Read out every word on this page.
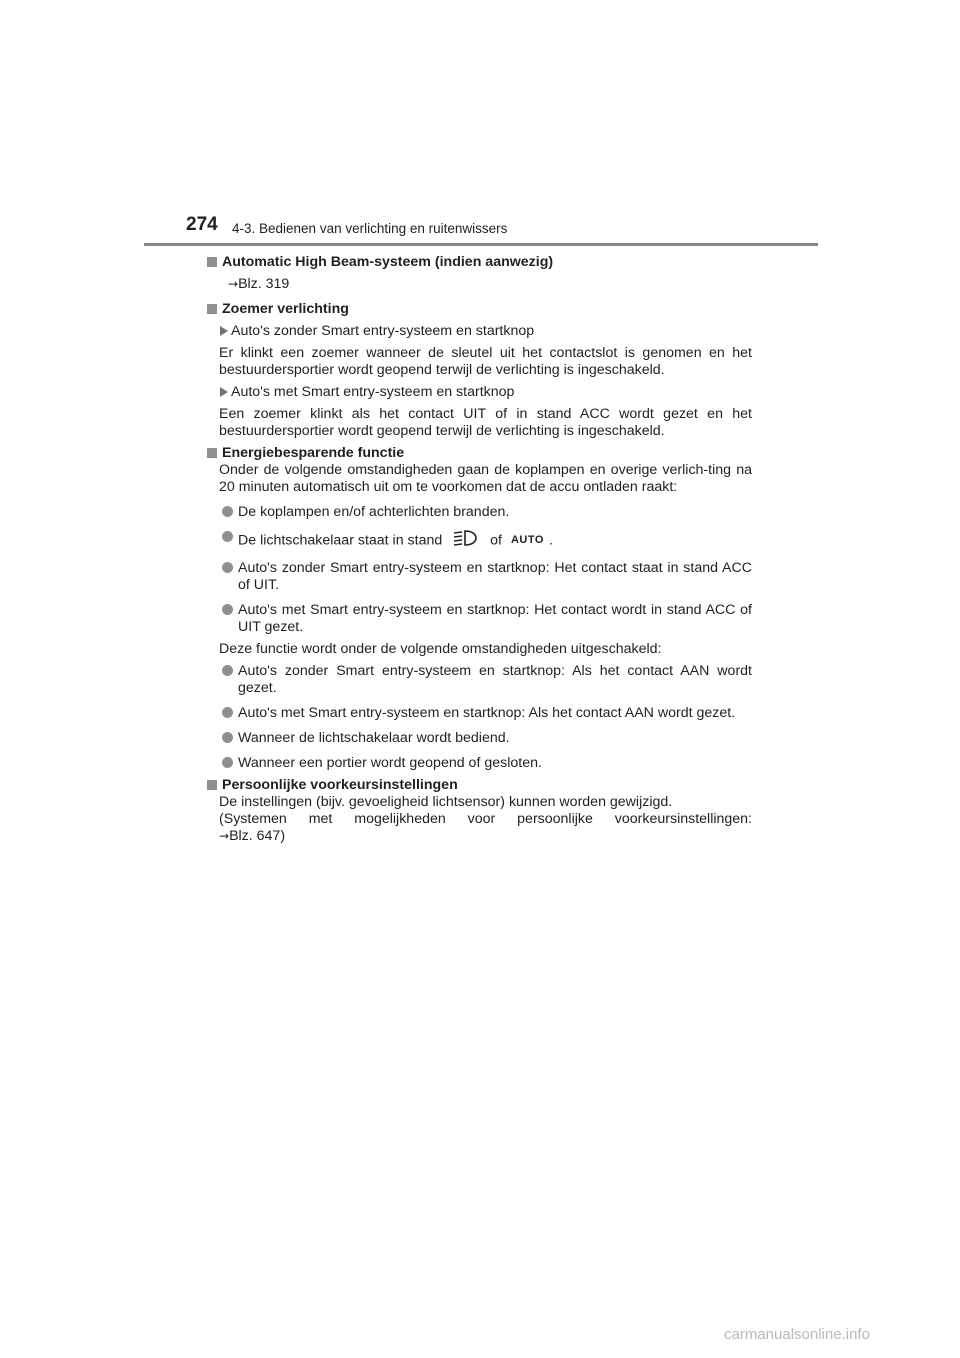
274 4-3. Bedienen van verlichting en ruitenwissers
Automatic High Beam-systeem (indien aanwezig)
→Blz. 319
Zoemer verlichting
Auto's zonder Smart entry-systeem en startknop
Er klinkt een zoemer wanneer de sleutel uit het contactslot is genomen en het bestuurdersportier wordt geopend terwijl de verlichting is ingeschakeld.
Auto's met Smart entry-systeem en startknop
Een zoemer klinkt als het contact UIT of in stand ACC wordt gezet en het bestuurdersportier wordt geopend terwijl de verlichting is ingeschakeld.
Energiebesparende functie
Onder de volgende omstandigheden gaan de koplampen en overige verlich-ting na 20 minuten automatisch uit om te voorkomen dat de accu ontladen raakt:
De koplampen en/of achterlichten branden.
De lichtschakelaar staat in stand	of AUTO .
Auto's zonder Smart entry-systeem en startknop: Het contact staat in stand ACC of UIT.
Auto's met Smart entry-systeem en startknop: Het contact wordt in stand ACC of UIT gezet.
Deze functie wordt onder de volgende omstandigheden uitgeschakeld:
Auto's zonder Smart entry-systeem en startknop: Als het contact AAN wordt gezet.
Auto's met Smart entry-systeem en startknop: Als het contact AAN wordt gezet.
Wanneer de lichtschakelaar wordt bediend.
Wanneer een portier wordt geopend of gesloten.
Persoonlijke voorkeursinstellingen
De instellingen (bijv. gevoeligheid lichtsensor) kunnen worden gewijzigd.
(Systemen met mogelijkheden voor persoonlijke voorkeursinstellingen:
→Blz. 647)
carmanualsonline.info
